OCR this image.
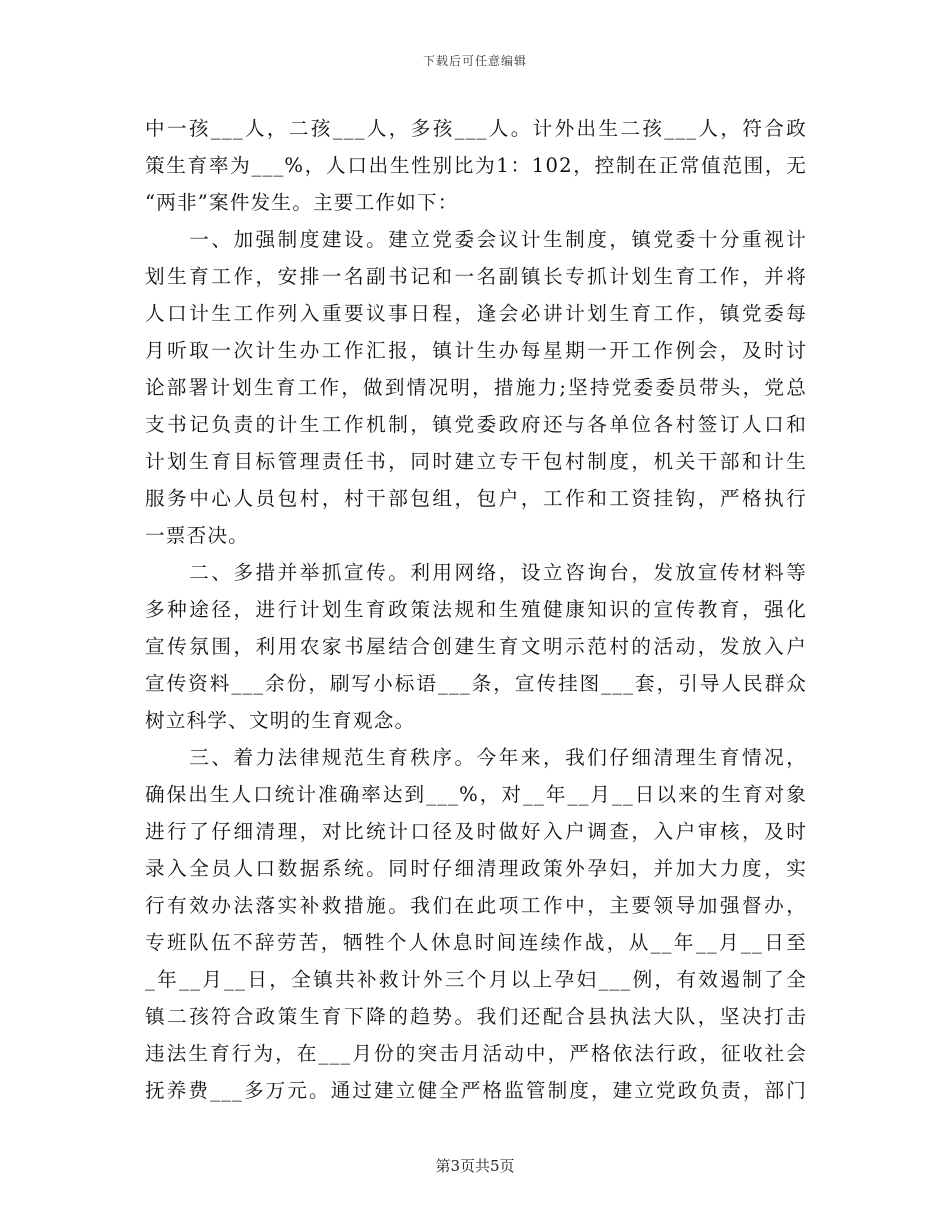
下载后可任意编辑
中一孩___人，二孩___人，多孩___人。计外出生二孩___人，符合政
策生育率为___%，人口出生性别比为1：102，控制在正常值范围，无
“两非”案件发生。主要工作如下：
　　一、加强制度建设。建立党委会议计生制度，镇党委十分重视计
划生育工作，安排一名副书记和一名副镇长专抓计划生育工作，并将
人口计生工作列入重要议事日程，逢会必讲计划生育工作，镇党委每
月听取一次计生办工作汇报，镇计生办每星期一开工作例会，及时讨
论部署计划生育工作，做到情况明，措施力;坚持党委委员带头，党总
支书记负责的计生工作机制，镇党委政府还与各单位各村签订人口和
计划生育目标管理责任书，同时建立专干包村制度，机关干部和计生
服务中心人员包村，村干部包组，包户，工作和工资挂钩，严格执行
一票否决。
　　二、多措并举抓宣传。利用网络，设立咨询台，发放宣传材料等
多种途径，进行计划生育政策法规和生殖健康知识的宣传教育，强化
宣传氛围，利用农家书屋结合创建生育文明示范村的活动，发放入户
宣传资料___余份，刷写小标语___条，宣传挂图___套，引导人民群众
树立科学、文明的生育观念。
　　三、着力法律规范生育秩序。今年来，我们仔细清理生育情况，
确保出生人口统计准确率达到___%，对__年__月__日以来的生育对象
进行了仔细清理，对比统计口径及时做好入户调查，入户审核，及时
录入全员人口数据系统。同时仔细清理政策外孕妇，并加大力度，实
行有效办法落实补救措施。我们在此项工作中，主要领导加强督办，
专班队伍不辞劳苦，牺牲个人休息时间连续作战，从__年__月__日至
_年__月__日，全镇共补救计外三个月以上孕妇___例，有效遏制了全
镇二孩符合政策生育下降的趋势。我们还配合县执法大队，坚决打击
违法生育行为，在___月份的突击月活动中，严格依法行政，征收社会
抚养费___多万元。通过建立健全严格监管制度，建立党政负责，部门
第3页共5页
